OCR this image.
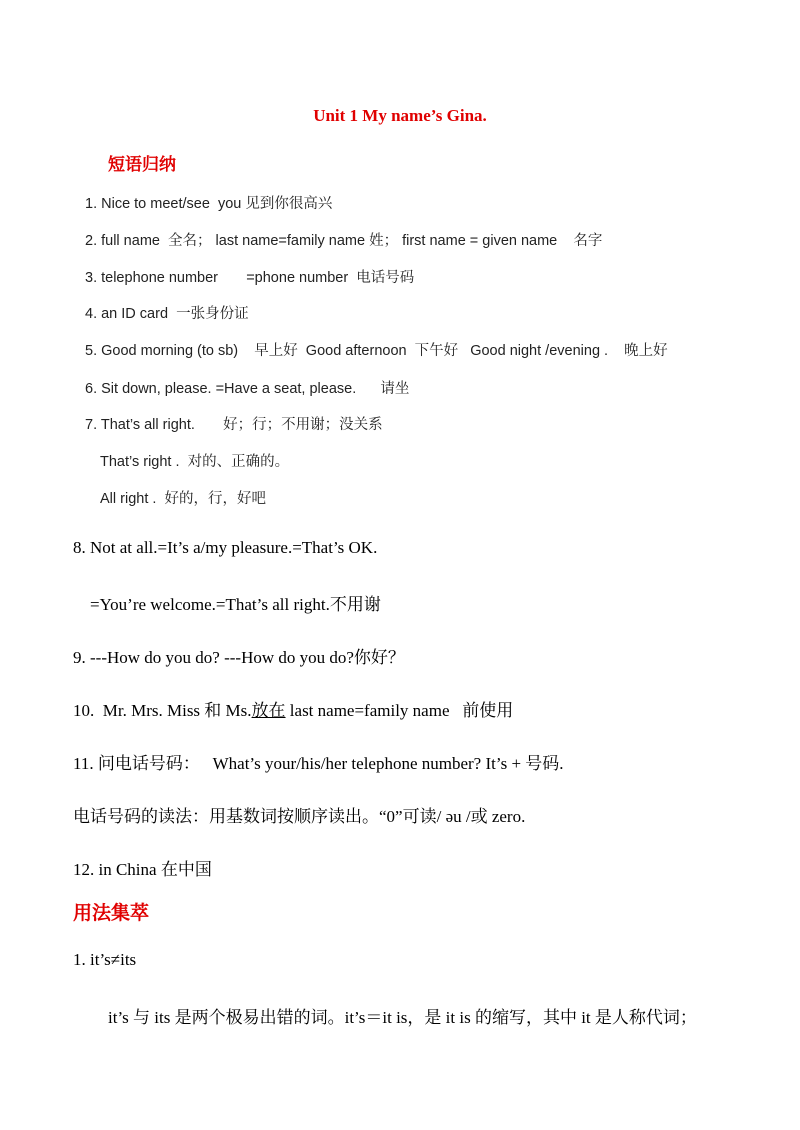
Unit 1 My name’s Gina.
短语归纳
1. Nice to meet/see  you 见到你很高兴
2. full name  全名； last name=family name 姓； first name = given name    名字
3. telephone number       =phone number  电话号码
4. an ID card  一张身份证
5. Good morning (to sb)    早上好  Good afternoon  下午好   Good night /evening .    晚上好
6. Sit down, please. =Have a seat, please.      请坐
7. That’s all right.       好；行；不用谢；没关系
That’s right .  对的、正确的。
All right .  好的，行，好吧
8. Not at all.=It’s a/my pleasure.=That’s OK.
=You’re welcome.=That’s all right.不用谢
9. ---How do you do? ---How do you do?你好？
10.  Mr. Mrs. Miss 和 Ms.放在 last name=family name   前使用
11. 问电话号码：   What’s your/his/her telephone number? It’s + 号码.
电话号码的读法：用基数词按顺序读出。“0”可读/ əu /或 zero.
12. in China 在中国
用法集萃
1. it’s≠its
it’s 与 its 是两个极易出错的词。it’s＝it is，是 it is 的缩写，其中 it 是人称代词；
